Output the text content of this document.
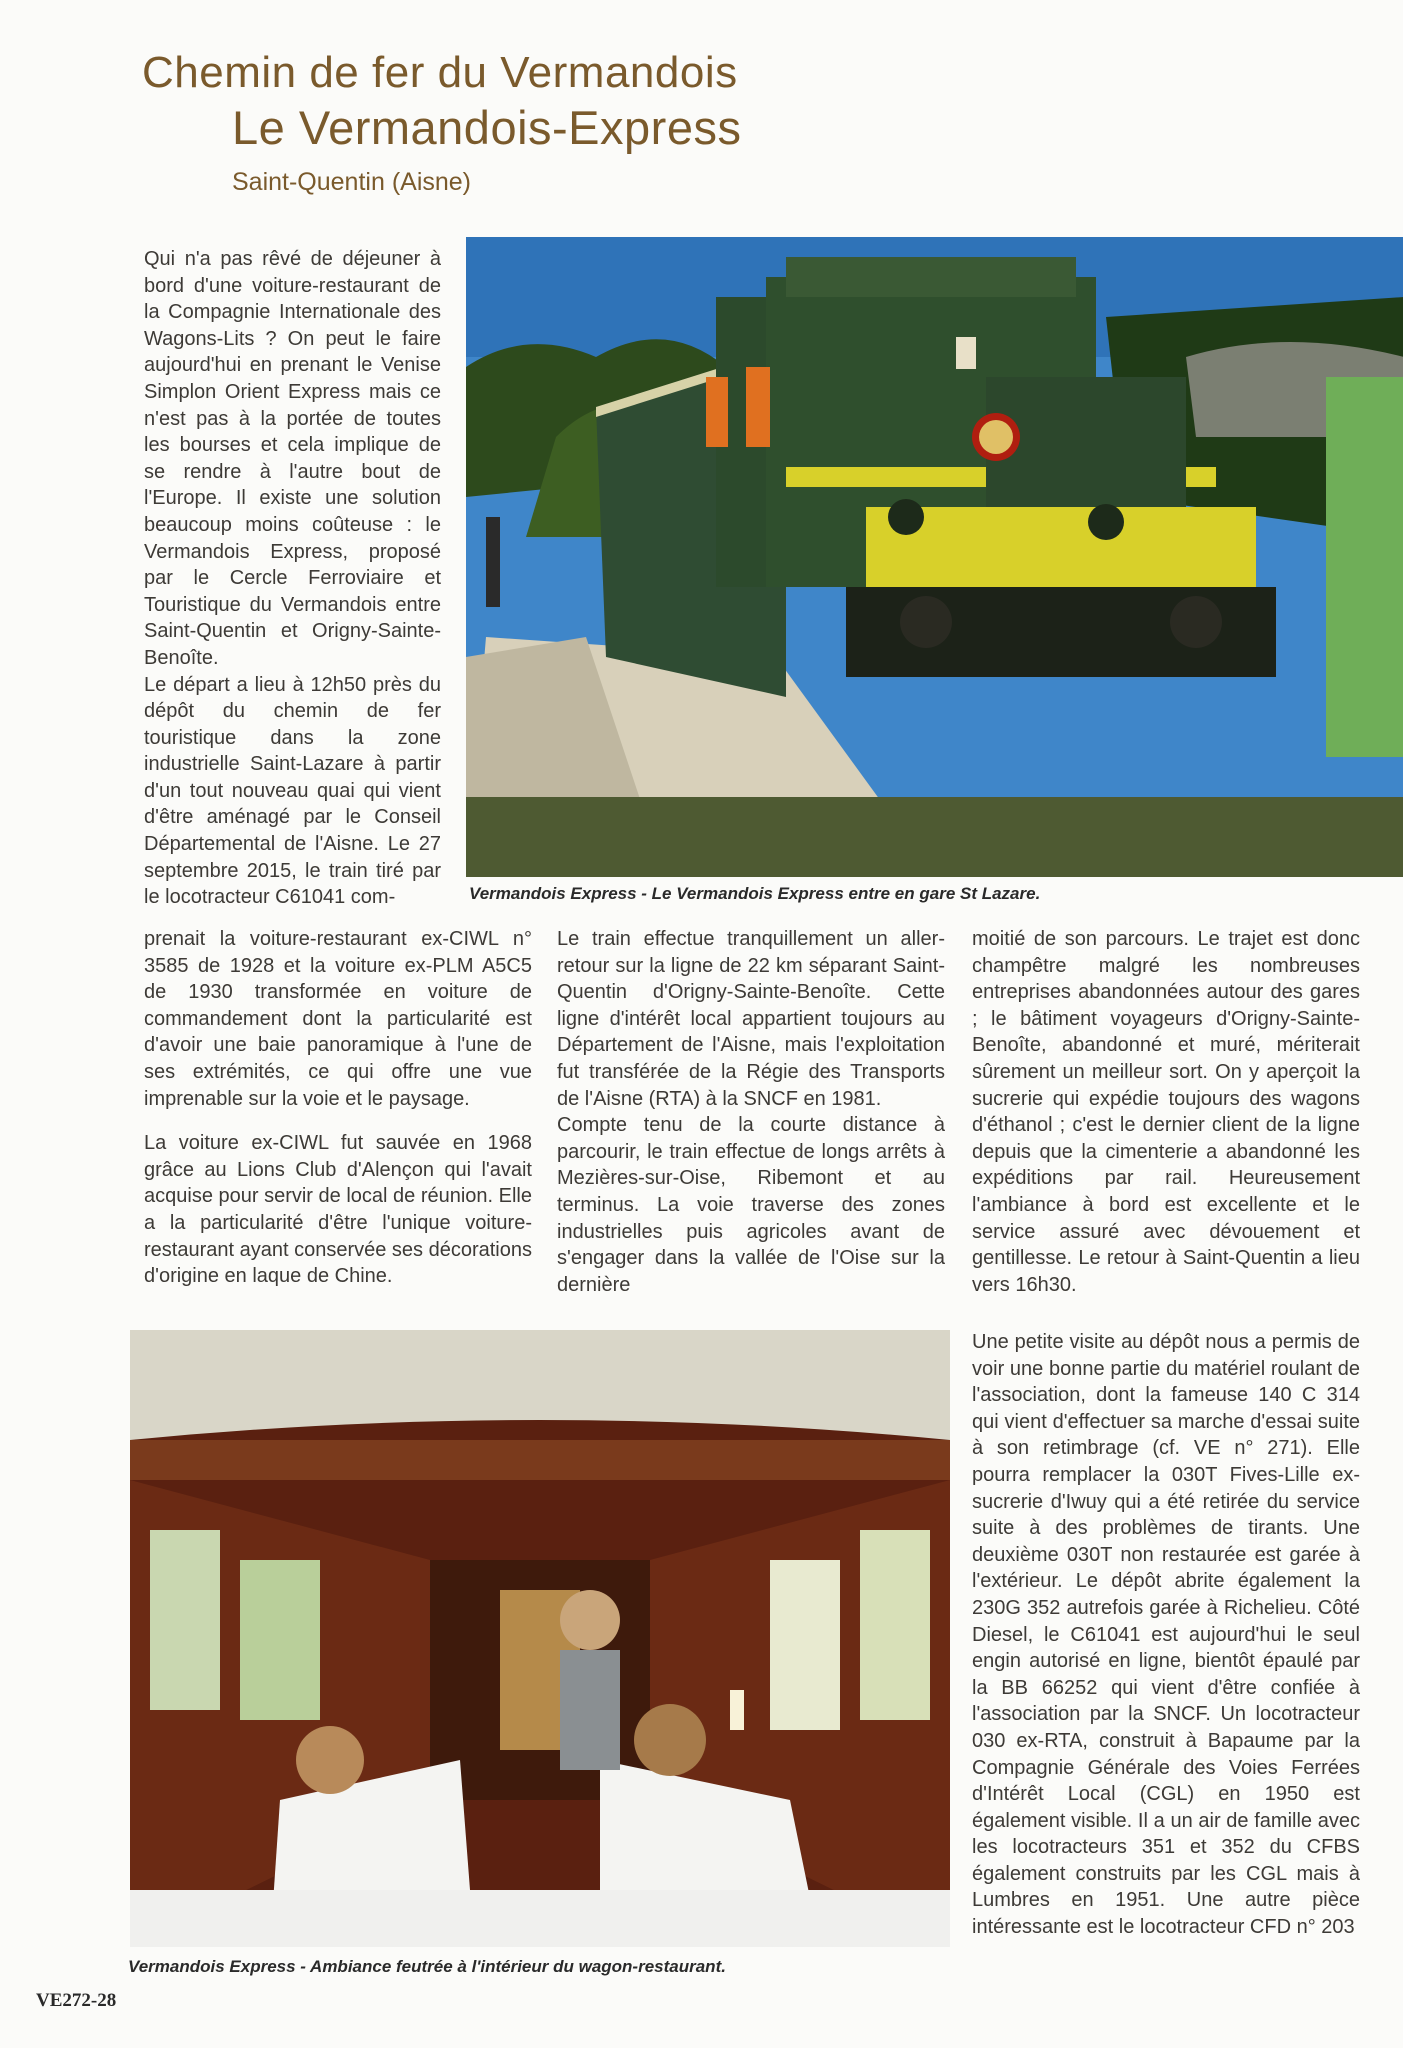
Chemin de fer du Vermandois
Le Vermandois-Express
Saint-Quentin (Aisne)
Vermandois Express - Le Vermandois Express entre en gare St Lazare.

Qui n'a pas rêvé de déjeuner à bord d'une voiture-restaurant de la Compagnie Internationale des Wagons-Lits ? On peut le faire aujourd'hui en prenant le Venise Simplon Orient Express mais ce n'est pas à la portée de toutes les bourses et cela implique de se rendre à l'autre bout de l'Europe. Il existe une solution beaucoup moins coûteuse : le Vermandois Express, proposé par le Cercle Ferroviaire et Touristique du Vermandois entre Saint-Quentin et Origny-Sainte-Benoîte.

Le départ a lieu à 12h50 près du dépôt du chemin de fer touristique dans la zone industrielle Saint-Lazare à partir d'un tout nouveau quai qui vient d'être aménagé par le Conseil Départemental de l'Aisne. Le 27 septembre 2015, le train tiré par le locotracteur C61041 com-

prenait la voiture-restaurant ex-CIWL n° 3585 de 1928 et la voiture ex-PLM A5C5 de 1930 transformée en voiture de commandement dont la particularité est d'avoir une baie panoramique à l'une de ses extrémités, ce qui offre une vue imprenable sur la voie et le paysage.

La voiture ex-CIWL fut sauvée en 1968 grâce au Lions Club d'Alençon qui l'avait acquise pour servir de local de réunion. Elle a la particularité d'être l'unique voiture-restaurant ayant conservée ses décorations d'origine en laque de Chine.

Le train effectue tranquillement un aller-retour sur la ligne de 22 km séparant Saint-Quentin d'Origny-Sainte-Benoîte. Cette ligne d'intérêt local appartient toujours au Département de l'Aisne, mais l'exploitation fut transférée de la Régie des Transports de l'Aisne (RTA) à la SNCF en 1981.

Compte tenu de la courte distance à parcourir, le train effectue de longs arrêts à Mezières-sur-Oise, Ribemont et au terminus. La voie traverse des zones industrielles puis agricoles avant de s'engager dans la vallée de l'Oise sur la dernière

moitié de son parcours. Le trajet est donc champêtre malgré les nombreuses entreprises abandonnées autour des gares ; le bâtiment voyageurs d'Origny-Sainte-Benoîte, abandonné et muré, mériterait sûrement un meilleur sort. On y aperçoit la sucrerie qui expédie toujours des wagons d'éthanol ; c'est le dernier client de la ligne depuis que la cimenterie a abandonné les expéditions par rail. Heureusement l'ambiance à bord est excellente et le service assuré avec dévouement et gentillesse. Le retour à Saint-Quentin a lieu vers 16h30.

Une petite visite au dépôt nous a permis de voir une bonne partie du matériel roulant de l'association, dont la fameuse 140 C 314 qui vient d'effectuer sa marche d'essai suite à son retimbrage (cf. VE n° 271). Elle pourra remplacer la 030T Fives-Lille ex-sucrerie d'Iwuy qui a été retirée du service suite à des problèmes de tirants. Une deuxième 030T non restaurée est garée à l'extérieur. Le dépôt abrite également la 230G 352 autrefois garée à Richelieu. Côté Diesel, le C61041 est aujourd'hui le seul engin autorisé en ligne, bientôt épaulé par la BB 66252 qui vient d'être confiée à l'association par la SNCF. Un locotracteur 030 ex-RTA, construit à Bapaume par la Compagnie Générale des Voies Ferrées d'Intérêt Local (CGL) en 1950 est également visible. Il a un air de famille avec les locotracteurs 351 et 352 du CFBS également construits par les CGL mais à Lumbres en 1951. Une autre pièce intéressante est le locotracteur CFD n° 203

Vermandois Express - Ambiance feutrée à l'intérieur du wagon-restaurant.
VE272-28
